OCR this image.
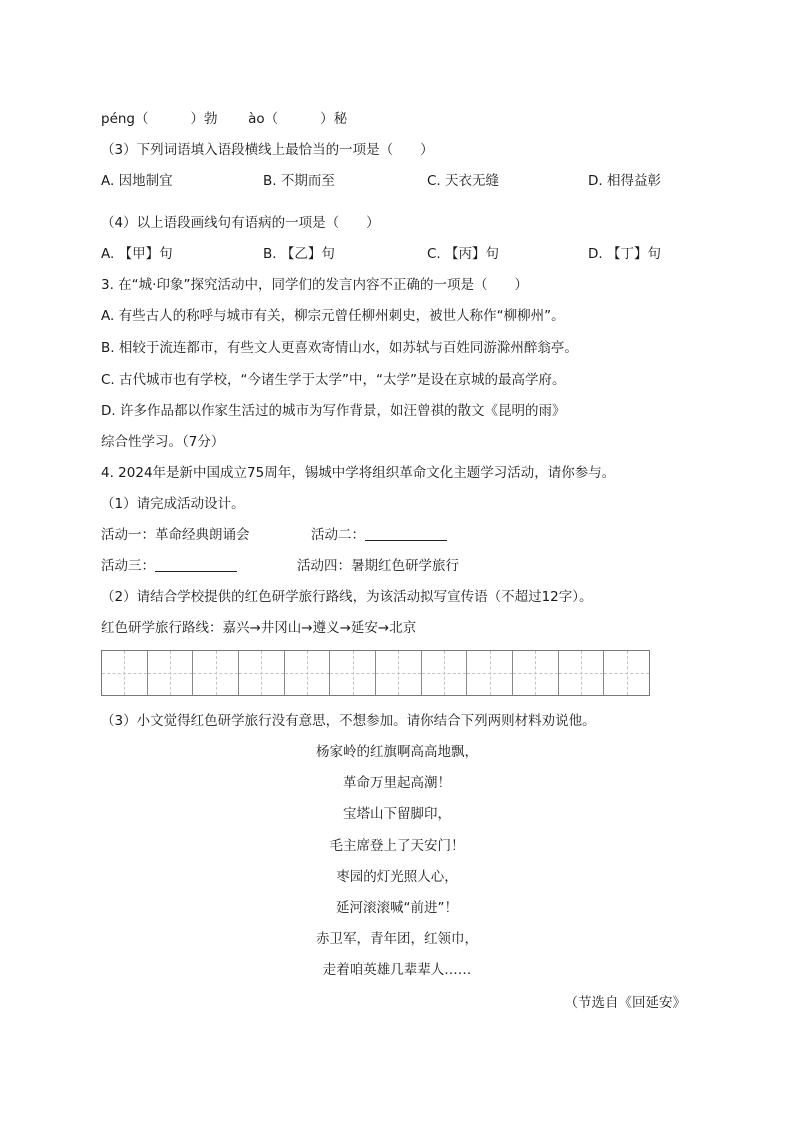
péng（	）勃 ào（	）秘
（3）下列词语填入语段横线上最恰当的一项是（　　）
A. 因地制宜	B. 不期而至	C. 天衣无缝	D. 相得益彰
（4）以上语段画线句有语病的一项是（　　）
A. 【甲】句	B. 【乙】句	C. 【丙】句	D. 【丁】句
3. 在“城·印象”探究活动中，同学们的发言内容不正确的一项是（　　）
A. 有些古人的称呼与城市有关，柳宗元曾任柳州刺史，被世人称作“柳柳州”。
B. 相较于流连都市，有些文人更喜欢寄情山水，如苏轼与百姓同游滁州醉翁亭。
C. 古代城市也有学校，“今诸生学于太学”中，“太学”是设在京城的最高学府。
D. 许多作品都以作家生活过的城市为写作背景，如汪曾祺的散文《昆明的雨》
综合性学习。（7分）
4. 2024年是新中国成立75周年，锡城中学将组织革命文化主题学习活动，请你参与。
（1）请完成活动设计。
活动一：革命经典朗诵会	活动二：
活动三：	活动四：暑期红色研学旅行
（2）请结合学校提供的红色研学旅行路线，为该活动拟写宣传语（不超过12字）。
红色研学旅行路线：嘉兴→井冈山→遵义→延安→北京
（3）小文觉得红色研学旅行没有意思，不想参加。请你结合下列两则材料劝说他。
杨家岭的红旗啊高高地飘，
革命万里起高潮！
宝塔山下留脚印，
毛主席登上了天安门！
枣园的灯光照人心，
延河滚滚喊“前进”！
赤卫军，青年团，红领巾，
走着咱英雄几辈辈人……
（节选自《回延安》
